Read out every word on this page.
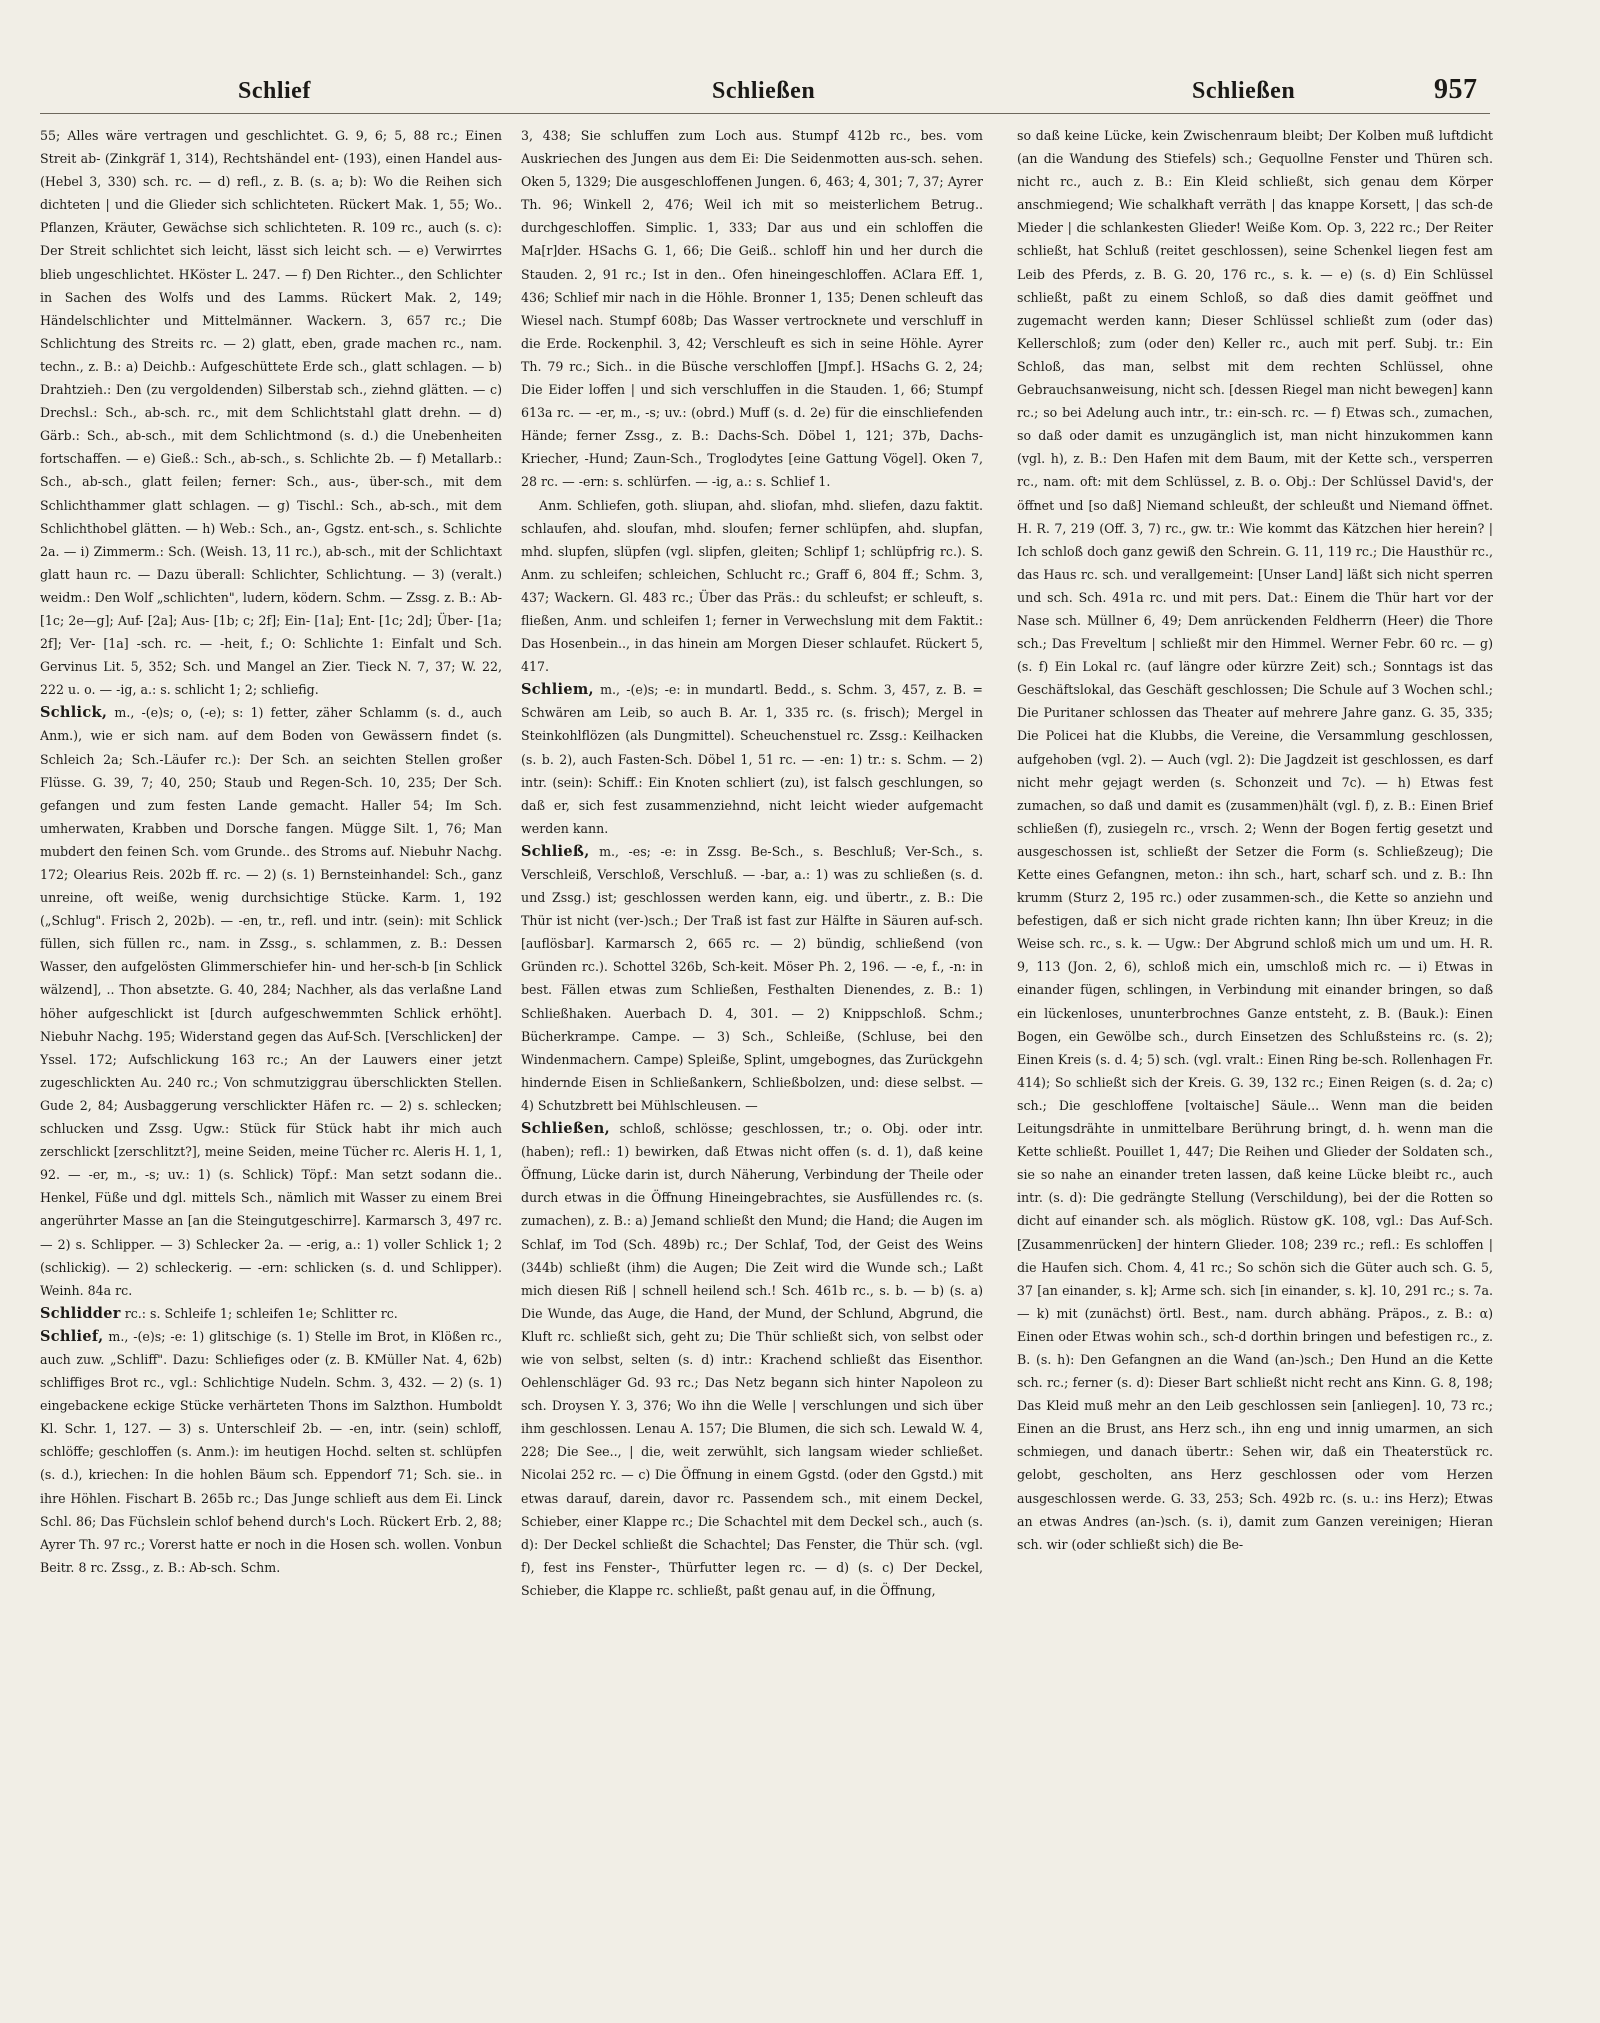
Schlief	Schließen	Schließen	957

55; Alles wäre vertragen und geschlichtet. G. 9, 6; 5, 88 rc.; Einen Streit ab- (Zinkgräf 1, 314), Rechtshändel ent- (193), einen Handel aus- (Hebel 3, 330) sch. rc. — d) refl., z. B. (s. a; b): Wo die Reihen sich dichteten | und die Glieder sich schlichteten. Rückert Mak. 1, 55; Wo.. Pflanzen, Kräuter, Gewächse sich schlichteten. R. 109 rc., auch (s. c): Der Streit schlichtet sich leicht, lässt sich leicht sch. — e) Verwirrtes blieb ungeschlichtet. HKöster L. 247. — f) Den Richter.., den Schlichter in Sachen des Wolfs und des Lamms. Rückert Mak. 2, 149; Händelschlichter und Mittelmänner. Wackern. 3, 657 rc.; Die Schlichtung des Streits rc. — 2) glatt, eben, grade machen rc., nam. techn., z. B.: a) Deichb.: Aufgeschüttete Erde sch., glatt schlagen. — b) Drahtzieh.: Den (zu vergoldenden) Silberstab sch., ziehnd glätten. — c) Drechsl.: Sch., ab-sch. rc., mit dem Schlichtstahl glatt drehn. — d) Gärb.: Sch., ab-sch., mit dem Schlichtmond (s. d.) die Unebenheiten fortschaffen. — e) Gieß.: Sch., ab-sch., s. Schlichte 2b. — f) Metallarb.: Sch., ab-sch., glatt feilen; ferner: Sch., aus-, über-sch., mit dem Schlichthammer glatt schlagen. — g) Tischl.: Sch., ab-sch., mit dem Schlichthobel glätten. — h) Web.: Sch., an-, Ggstz. ent-sch., s. Schlichte 2a. — i) Zimmerm.: Sch. (Weish. 13, 11 rc.), ab-sch., mit der Schlichtaxt glatt haun rc. — Dazu überall: Schlichter, Schlichtung. — 3) (veralt.) weidm.: Den Wolf „schlichten", ludern, ködern. Schm. — Zssg. z. B.: Ab- [1c; 2e—g]; Auf- [2a]; Aus- [1b; c; 2f]; Ein- [1a]; Ent- [1c; 2d]; Über- [1a; 2f]; Ver- [1a] -sch. rc. — -heit, f.; O: Schlichte 1: Einfalt und Sch. Gervinus Lit. 5, 352; Sch. und Mangel an Zier. Tieck N. 7, 37; W. 22, 222 u. o. — -ig, a.: s. schlicht 1; 2; schliefig.

Schlick, m., -(e)s; o, (-e); s: 1) fetter, zäher Schlamm (s. d., auch Anm.), wie er sich nam. auf dem Boden von Gewässern findet (s. Schleich 2a; Sch.-Läufer rc.): Der Sch. an seichten Stellen großer Flüsse. G. 39, 7; 40, 250; Staub und Regen-Sch. 10, 235; Der Sch. gefangen und zum festen Lande gemacht. Haller 54; Im Sch. umherwaten, Krabben und Dorsche fangen. Mügge Silt. 1, 76; Man mubdert den feinen Sch. vom Grunde.. des Stroms auf. Niebuhr Nachg. 172; Olearius Reis. 202b ff. rc. — 2) (s. 1) Bernsteinhandel: Sch., ganz unreine, oft weiße, wenig durchsichtige Stücke. Karm. 1, 192 („Schlug". Frisch 2, 202b). — -en, tr., refl. und intr. (sein): mit Schlick füllen, sich füllen rc., nam. in Zssg., s. schlammen, z. B.: Dessen Wasser, den aufgelösten Glimmerschiefer hin- und her-sch-b [in Schlick wälzend], .. Thon absetzte. G. 40, 284; Nachher, als das verlaßne Land höher aufgeschlickt ist [durch aufgeschwemmten Schlick erhöht]. Niebuhr Nachg. 195; Widerstand gegen das Auf-Sch. [Verschlicken] der Yssel. 172; Aufschlickung 163 rc.; An der Lauwers einer jetzt zugeschlickten Au. 240 rc.; Von schmutziggrau überschlickten Stellen. Gude 2, 84; Ausbaggerung verschlickter Häfen rc. — 2) s. schlecken; schlucken und Zssg. Ugw.: Stück für Stück habt ihr mich auch zerschlickt [zerschlitzt?], meine Seiden, meine Tücher rc. Aleris H. 1, 1, 92. — -er, m., -s; uv.: 1) (s. Schlick) Töpf.: Man setzt sodann die.. Henkel, Füße und dgl. mittels Sch., nämlich mit Wasser zu einem Brei angerührter Masse an [an die Steingutgeschirre]. Karmarsch 3, 497 rc. — 2) s. Schlipper. — 3) Schlecker 2a. — -erig, a.: 1) voller Schlick 1; 2 (schlickig). — 2) schleckerig. — -ern: schlicken (s. d. und Schlipper). Weinh. 84a rc.

Schlidder rc.: s. Schleife 1; schleifen 1e; Schlitter rc.

Schlief, m., -(e)s; -e: 1) glitschige (s. 1) Stelle im Brot, in Klößen rc., auch zuw. „Schliff". Dazu: Schliefiges oder (z. B. KMüller Nat. 4, 62b) schliffiges Brot rc., vgl.: Schlichtige Nudeln. Schm. 3, 432. — 2) (s. 1) eingebackene eckige Stücke verhärteten Thons im Salzthon. Humboldt Kl. Schr. 1, 127. — 3) s. Unterschleif 2b. — -en, intr. (sein) schloff, schlöffe; geschloffen (s. Anm.): im heutigen Hochd. selten st. schlüpfen (s. d.), kriechen: In die hohlen Bäum sch. Eppendorf 71; Sch. sie.. in ihre Höhlen. Fischart B. 265b rc.; Das Junge schlieft aus dem Ei. Linck Schl. 86; Das Füchslein schlof behend durch's Loch. Rückert Erb. 2, 88; Ayrer Th. 97 rc.; Vorerst hatte er noch in die Hosen sch. wollen. Vonbun Beitr. 8 rc. Zssg., z. B.: Ab-sch. Schm.

3, 438; Sie schluffen zum Loch aus. Stumpf 412b rc., bes. vom Auskriechen des Jungen aus dem Ei: Die Seidenmotten aus-sch. sehen. Oken 5, 1329; Die ausgeschloffenen Jungen. 6, 463; 4, 301; 7, 37; Ayrer Th. 96; Winkell 2, 476; Weil ich mit so meisterlichem Betrug.. durchgeschloffen. Simplic. 1, 333; Dar aus und ein schloffen die Ma[r]der. HSachs G. 1, 66; Die Geiß.. schloff hin und her durch die Stauden. 2, 91 rc.; Ist in den.. Ofen hineingeschloffen. AClara Eff. 1, 436; Schlief mir nach in die Höhle. Bronner 1, 135; Denen schleuft das Wiesel nach. Stumpf 608b; Das Wasser vertrocknete und verschluff in die Erde. Rockenphil. 3, 42; Verschleuft es sich in seine Höhle. Ayrer Th. 79 rc.; Sich.. in die Büsche verschloffen [Jmpf.]. HSachs G. 2, 24; Die Eider loffen | und sich verschluffen in die Stauden. 1, 66; Stumpf 613a rc. — -er, m., -s; uv.: (obrd.) Muff (s. d. 2e) für die einschliefenden Hände; ferner Zssg., z. B.: Dachs-Sch. Döbel 1, 121; 37b, Dachs-Kriecher, -Hund; Zaun-Sch., Troglodytes [eine Gattung Vögel]. Oken 7, 28 rc. — -ern: s. schlürfen. — -ig, a.: s. Schlief 1.

Anm. Schliefen, goth. sliupan, ahd. sliofan, mhd. sliefen, dazu faktit. schlaufen, ahd. sloufan, mhd. sloufen; ferner schlüpfen, ahd. slupfan, mhd. slupfen, slüpfen (vgl. slipfen, gleiten; Schlipf 1; schlüpfrig rc.). S. Anm. zu schleifen; schleichen, Schlucht rc.; Graff 6, 804 ff.; Schm. 3, 437; Wackern. Gl. 483 rc.; Über das Präs.: du schleufst; er schleuft, s. fließen, Anm. und schleifen 1; ferner in Verwechslung mit dem Faktit.: Das Hosenbein.., in das hinein am Morgen Dieser schlaufet. Rückert 5, 417.

Schliem, m., -(e)s; -e: in mundartl. Bedd., s. Schm. 3, 457, z. B. = Schwären am Leib, so auch B. Ar. 1, 335 rc. (s. frisch); Mergel in Steinkohlflözen (als Dungmittel). Scheuchenstuel rc. Zssg.: Keilhacken (s. b. 2), auch Fasten-Sch. Döbel 1, 51 rc. — -en: 1) tr.: s. Schm. — 2) intr. (sein): Schiff.: Ein Knoten schliert (zu), ist falsch geschlungen, so daß er, sich fest zusammenziehnd, nicht leicht wieder aufgemacht werden kann.

Schließ, m., -es; -e: in Zssg. Be-Sch., s. Beschluß; Ver-Sch., s. Verschleiß, Verschloß, Verschluß. — -bar, a.: 1) was zu schließen (s. d. und Zssg.) ist; geschlossen werden kann, eig. und übertr., z. B.: Die Thür ist nicht (ver-)sch.; Der Traß ist fast zur Hälfte in Säuren auf-sch. [auflösbar]. Karmarsch 2, 665 rc. — 2) bündig, schließend (von Gründen rc.). Schottel 326b, Sch-keit. Möser Ph. 2, 196. — -e, f., -n: in best. Fällen etwas zum Schließen, Festhalten Dienendes, z. B.: 1) Schließhaken. Auerbach D. 4, 301. — 2) Knippschloß. Schm.; Bücherkrampe. Campe. — 3) Sch., Schleiße, (Schluse, bei den Windenmachern. Campe) Spleiße, Splint, umgebognes, das Zurückgehn hindernde Eisen in Schließankern, Schließbolzen, und: diese selbst. — 4) Schutzbrett bei Mühlschleusen. —

Schließen, schloß, schlösse; geschlossen, tr.; o. Obj. oder intr. (haben); refl.: 1) bewirken, daß Etwas nicht offen (s. d. 1), daß keine Öffnung, Lücke darin ist, durch Näherung, Verbindung der Theile oder durch etwas in die Öffnung Hineingebrachtes, sie Ausfüllendes rc. (s. zumachen), z. B.: a) Jemand schließt den Mund; die Hand; die Augen im Schlaf, im Tod (Sch. 489b) rc.; Der Schlaf, Tod, der Geist des Weins (344b) schließt (ihm) die Augen; Die Zeit wird die Wunde sch.; Laßt mich diesen Riß | schnell heilend sch.! Sch. 461b rc., s. b. — b) (s. a) Die Wunde, das Auge, die Hand, der Mund, der Schlund, Abgrund, die Kluft rc. schließt sich, geht zu; Die Thür schließt sich, von selbst oder wie von selbst, selten (s. d) intr.: Krachend schließt das Eisenthor. Oehlenschläger Gd. 93 rc.; Das Netz begann sich hinter Napoleon zu sch. Droysen Y. 3, 376; Wo ihn die Welle | verschlungen und sich über ihm geschlossen. Lenau A. 157; Die Blumen, die sich sch. Lewald W. 4, 228; Die See.., | die, weit zerwühlt, sich langsam wieder schließet. Nicolai 252 rc. — c) Die Öffnung in einem Ggstd. (oder den Ggstd.) mit etwas darauf, darein, davor rc. Passendem sch., mit einem Deckel, Schieber, einer Klappe rc.; Die Schachtel mit dem Deckel sch., auch (s. d): Der Deckel schließt die Schachtel; Das Fenster, die Thür sch. (vgl. f), fest ins Fenster-, Thürfutter legen rc. — d) (s. c) Der Deckel, Schieber, die Klappe rc. schließt, paßt genau auf, in die Öffnung,

so daß keine Lücke, kein Zwischenraum bleibt; Der Kolben muß luftdicht (an die Wandung des Stiefels) sch.; Gequollne Fenster und Thüren sch. nicht rc., auch z. B.: Ein Kleid schließt, sich genau dem Körper anschmiegend; Wie schalkhaft verräth | das knappe Korsett, | das sch-de Mieder | die schlankesten Glieder! Weiße Kom. Op. 3, 222 rc.; Der Reiter schließt, hat Schluß (reitet geschlossen), seine Schenkel liegen fest am Leib des Pferds, z. B. G. 20, 176 rc., s. k. — e) (s. d) Ein Schlüssel schließt, paßt zu einem Schloß, so daß dies damit geöffnet und zugemacht werden kann; Dieser Schlüssel schließt zum (oder das) Kellerschloß; zum (oder den) Keller rc., auch mit perf. Subj. tr.: Ein Schloß, das man, selbst mit dem rechten Schlüssel, ohne Gebrauchsanweisung, nicht sch. [dessen Riegel man nicht bewegen] kann rc.; so bei Adelung auch intr., tr.: ein-sch. rc. — f) Etwas sch., zumachen, so daß oder damit es unzugänglich ist, man nicht hinzukommen kann (vgl. h), z. B.: Den Hafen mit dem Baum, mit der Kette sch., versperren rc., nam. oft: mit dem Schlüssel, z. B. o. Obj.: Der Schlüssel David's, der öffnet und [so daß] Niemand schleußt, der schleußt und Niemand öffnet. H. R. 7, 219 (Off. 3, 7) rc., gw. tr.: Wie kommt das Kätzchen hier herein? | Ich schloß doch ganz gewiß den Schrein. G. 11, 119 rc.; Die Hausthür rc., das Haus rc. sch. und verallgemeint: [Unser Land] läßt sich nicht sperren und sch. Sch. 491a rc. und mit pers. Dat.: Einem die Thür hart vor der Nase sch. Müllner 6, 49; Dem anrückenden Feldherrn (Heer) die Thore sch.; Das Freveltum | schließt mir den Himmel. Werner Febr. 60 rc. — g) (s. f) Ein Lokal rc. (auf längre oder kürzre Zeit) sch.; Sonntags ist das Geschäftslokal, das Geschäft geschlossen; Die Schule auf 3 Wochen schl.; Die Puritaner schlossen das Theater auf mehrere Jahre ganz. G. 35, 335; Die Policei hat die Klubbs, die Vereine, die Versammlung geschlossen, aufgehoben (vgl. 2). — Auch (vgl. 2): Die Jagdzeit ist geschlossen, es darf nicht mehr gejagt werden (s. Schonzeit und 7c). — h) Etwas fest zumachen, so daß und damit es (zusammen)hält (vgl. f), z. B.: Einen Brief schließen (f), zusiegeln rc., vrsch. 2; Wenn der Bogen fertig gesetzt und ausgeschossen ist, schließt der Setzer die Form (s. Schließzeug); Die Kette eines Gefangnen, meton.: ihn sch., hart, scharf sch. und z. B.: Ihn krumm (Sturz 2, 195 rc.) oder zusammen-sch., die Kette so anziehn und befestigen, daß er sich nicht grade richten kann; Ihn über Kreuz; in die Weise sch. rc., s. k. — Ugw.: Der Abgrund schloß mich um und um. H. R. 9, 113 (Jon. 2, 6), schloß mich ein, umschloß mich rc. — i) Etwas in einander fügen, schlingen, in Verbindung mit einander bringen, so daß ein lückenloses, ununterbrochnes Ganze entsteht, z. B. (Bauk.): Einen Bogen, ein Gewölbe sch., durch Einsetzen des Schlußsteins rc. (s. 2); Einen Kreis (s. d. 4; 5) sch. (vgl. vralt.: Einen Ring be-sch. Rollenhagen Fr. 414); So schließt sich der Kreis. G. 39, 132 rc.; Einen Reigen (s. d. 2a; c) sch.; Die geschloffene [voltaische] Säule... Wenn man die beiden Leitungsdrähte in unmittelbare Berührung bringt, d. h. wenn man die Kette schließt. Pouillet 1, 447; Die Reihen und Glieder der Soldaten sch., sie so nahe an einander treten lassen, daß keine Lücke bleibt rc., auch intr. (s. d): Die gedrängte Stellung (Verschildung), bei der die Rotten so dicht auf einander sch. als möglich. Rüstow gK. 108, vgl.: Das Auf-Sch. [Zusammenrücken] der hintern Glieder. 108; 239 rc.; refl.: Es schloffen | die Haufen sich. Chom. 4, 41 rc.; So schön sich die Güter auch sch. G. 5, 37 [an einander, s. k]; Arme sch. sich [in einander, s. k]. 10, 291 rc.; s. 7a. — k) mit (zunächst) örtl. Best., nam. durch abhäng. Präpos., z. B.: α) Einen oder Etwas wohin sch., sch-d dorthin bringen und befestigen rc., z. B. (s. h): Den Gefangnen an die Wand (an-)sch.; Den Hund an die Kette sch. rc.; ferner (s. d): Dieser Bart schließt nicht recht ans Kinn. G. 8, 198; Das Kleid muß mehr an den Leib geschlossen sein [anliegen]. 10, 73 rc.; Einen an die Brust, ans Herz sch., ihn eng und innig umarmen, an sich schmiegen, und danach übertr.: Sehen wir, daß ein Theaterstück rc. gelobt, gescholten, ans Herz geschlossen oder vom Herzen ausgeschlossen werde. G. 33, 253; Sch. 492b rc. (s. u.: ins Herz); Etwas an etwas Andres (an-)sch. (s. i), damit zum Ganzen vereinigen; Hieran sch. wir (oder schließt sich) die Be-
